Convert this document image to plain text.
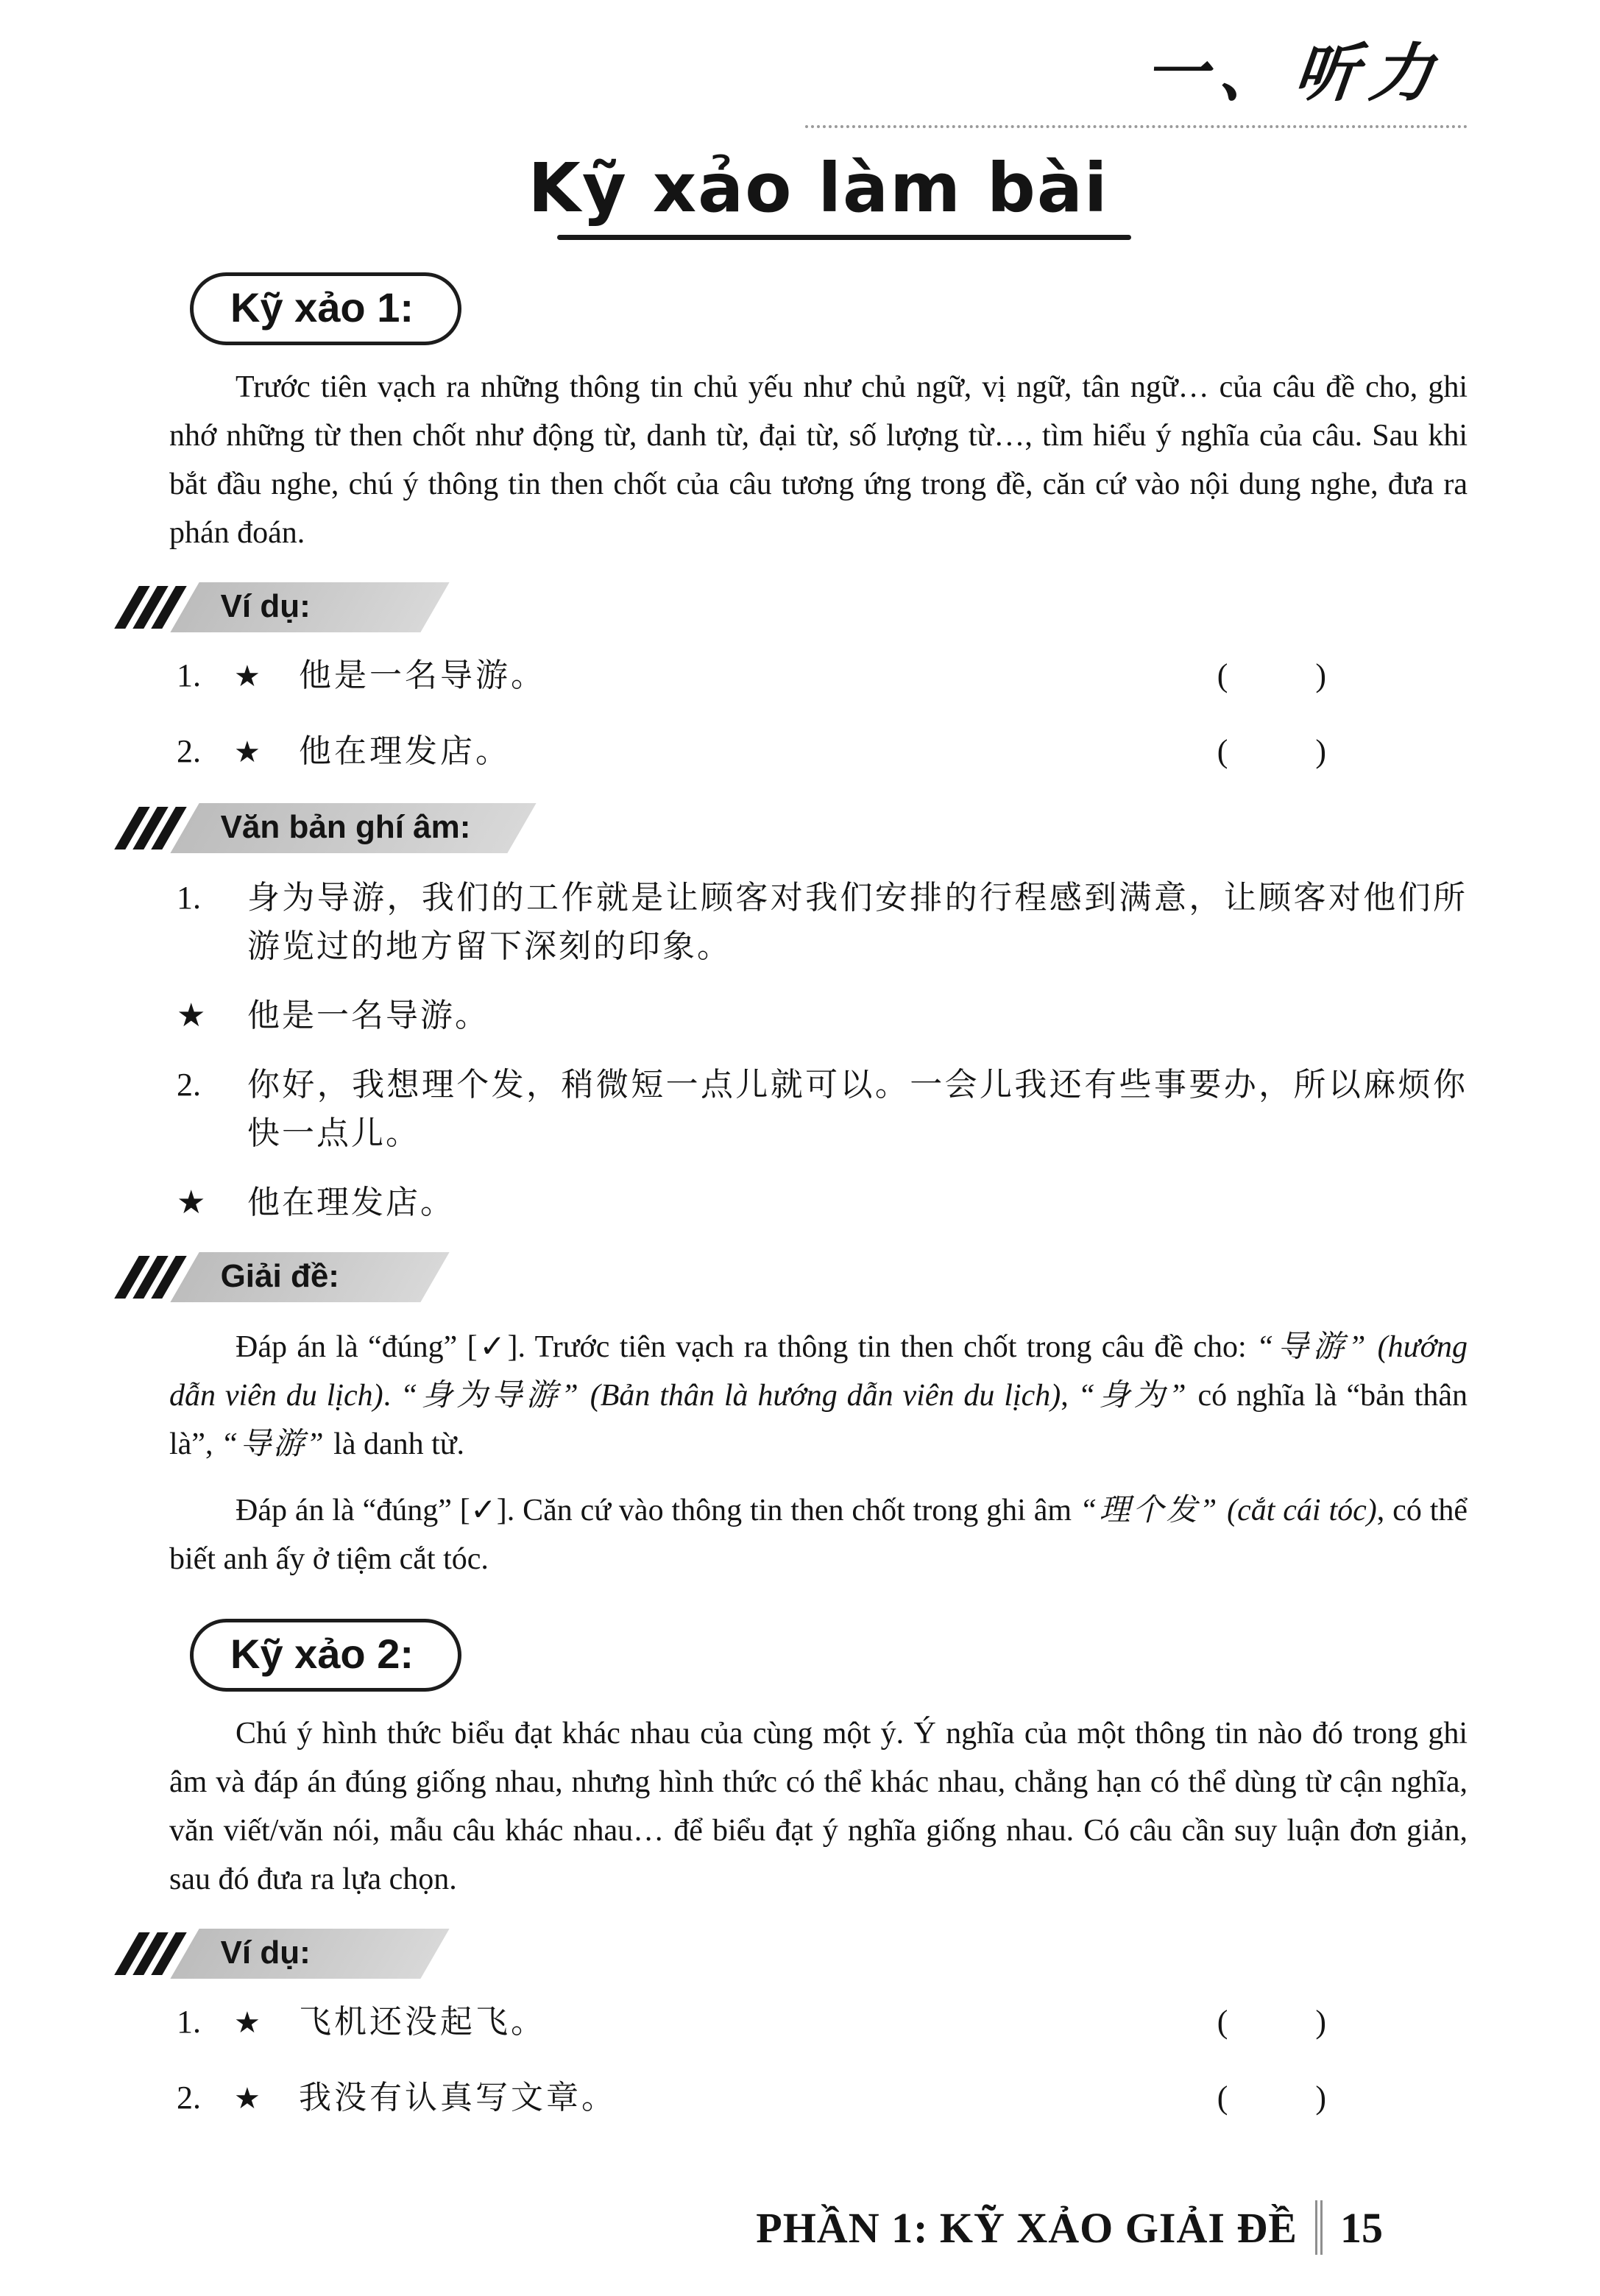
一、听力
Kỹ xảo làm bài
Kỹ xảo 1:

Trước tiên vạch ra những thông tin chủ yếu như chủ ngữ, vị ngữ, tân ngữ… của câu đề cho, ghi nhớ những từ then chốt như động từ, danh từ, đại từ, số lượng từ…, tìm hiểu ý nghĩa của câu. Sau khi bắt đầu nghe, chú ý thông tin then chốt của câu tương ứng trong đề, căn cứ vào nội dung nghe, đưa ra phán đoán.

Ví dụ:
1.	★	他是一名导游。	(         )
2.	★	他在理发店。	(         )
Văn bản ghí âm:
1.	身为导游，我们的工作就是让顾客对我们安排的行程感到满意，让顾客对他们所游览过的地方留下深刻的印象。
★	他是一名导游。
2.	你好，我想理个发，稍微短一点儿就可以。一会儿我还有些事要办，所以麻烦你快一点儿。
★	他在理发店。
Giải đề:

Đáp án là “đúng” [✓]. Trước tiên vạch ra thông tin then chốt trong câu đề cho: “导游” (hướng dẫn viên du lịch). “身为导游” (Bản thân là hướng dẫn viên du lịch), “身为” có nghĩa là “bản thân là”, “导游” là danh từ.

Đáp án là “đúng” [✓]. Căn cứ vào thông tin then chốt trong ghi âm “理个发” (cắt cái tóc), có thể biết anh ấy ở tiệm cắt tóc.

Kỹ xảo 2:

Chú ý hình thức biểu đạt khác nhau của cùng một ý. Ý nghĩa của một thông tin nào đó trong ghi âm và đáp án đúng giống nhau, nhưng hình thức có thể khác nhau, chẳng hạn có thể dùng từ cận nghĩa, văn viết/văn nói, mẫu câu khác nhau… để biểu đạt ý nghĩa giống nhau. Có câu cần suy luận đơn giản, sau đó đưa ra lựa chọn.

Ví dụ:
1.	★	飞机还没起飞。	(         )
2.	★	我没有认真写文章。	(         )
PHẦN 1: KỸ XẢO GIẢI ĐỀ 15
